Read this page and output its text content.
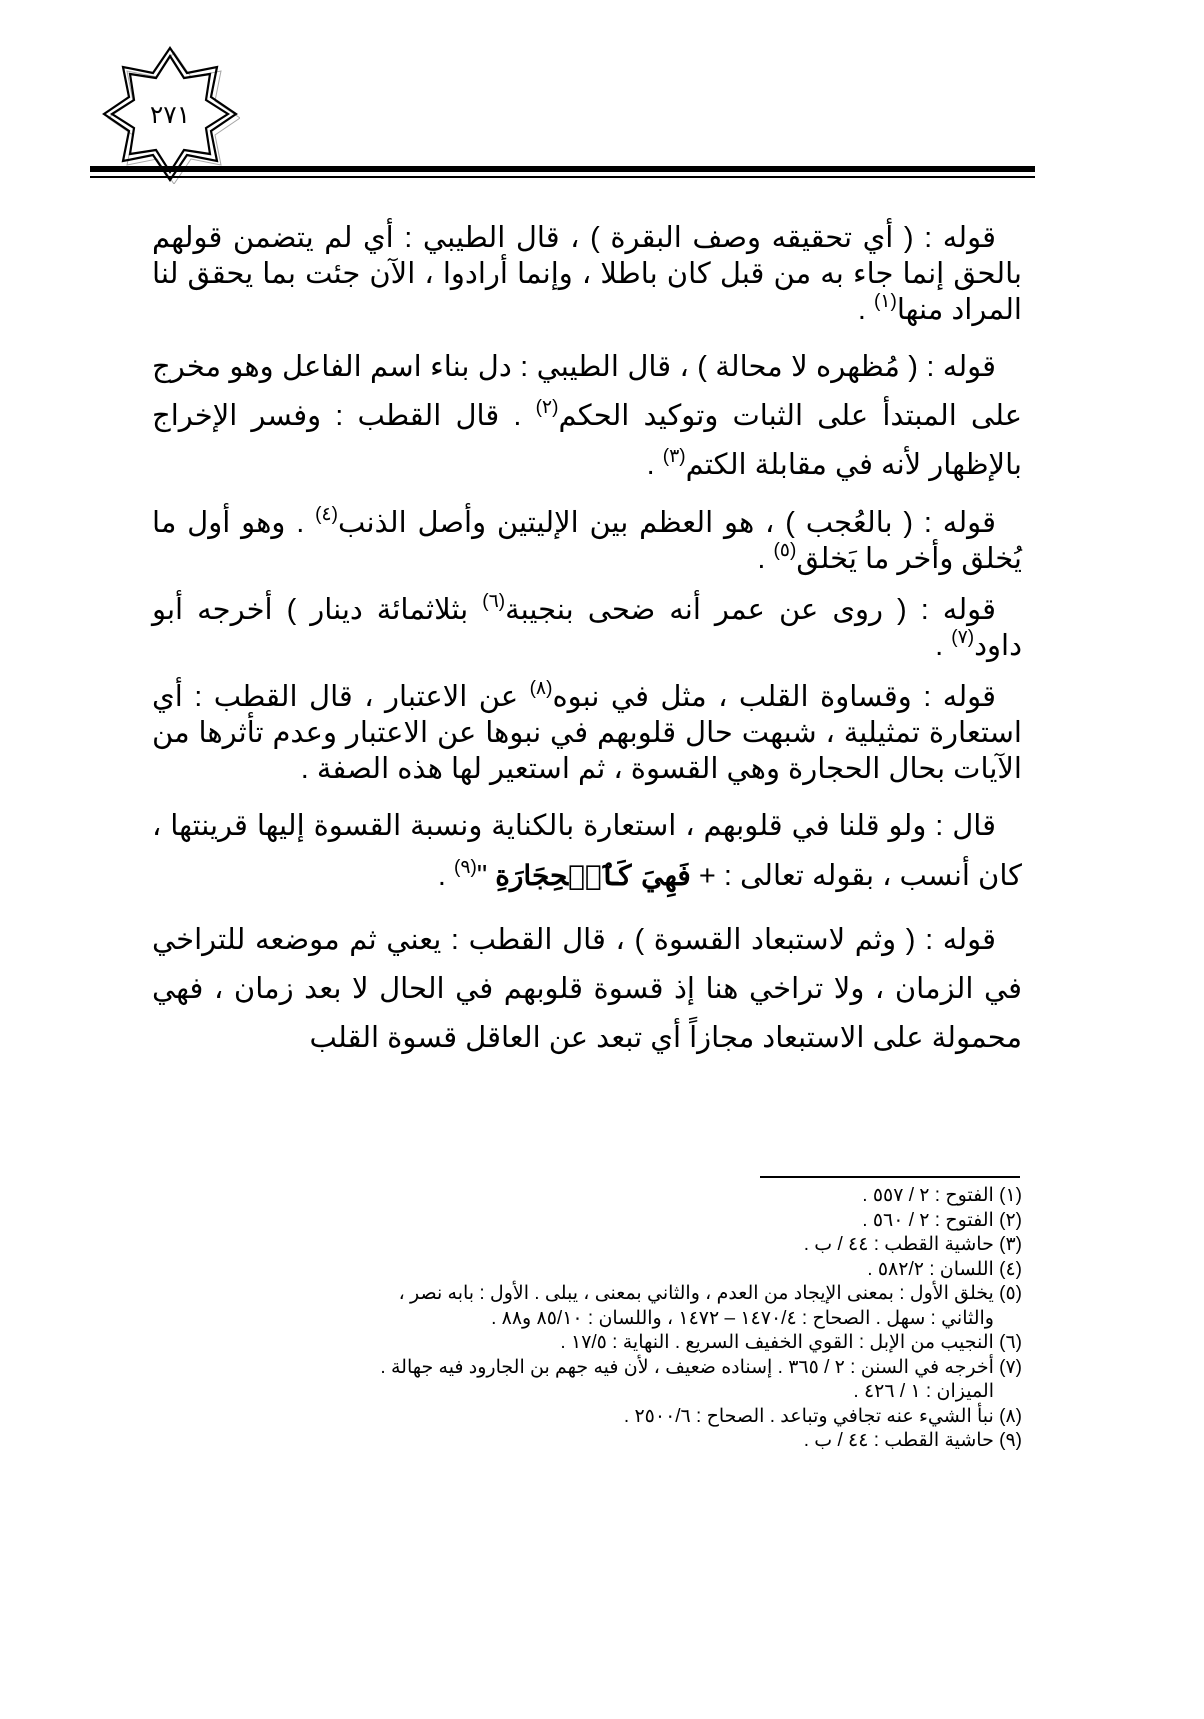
٢٧١

قوله : ( أي تحقيقه وصف البقرة ) ، قال الطيبي : أي لم يتضمن قولهم بالحق إنما جاء به من قبل كان باطلا ، وإنما أرادوا ، الآن جئت بما يحقق لنا المراد منها$^{(١)}$ .

قوله : ( مُظهره لا محالة ) ، قال الطيبي : دل بناء اسم الفاعل وهو مخرج على المبتدأ على الثبات وتوكيد الحكم$^{(٢)}$ . قال القطب : وفسر الإخراج بالإظهار لأنه في مقابلة الكتم$^{(٣)}$ .

قوله : ( بالعُجب ) ، هو العظم بين الإليتين وأصل الذنب$^{(٤)}$ . وهو أول ما يُخلق وأخر ما يَخلق$^{(٥)}$ .

قوله : ( روى عن عمر أنه ضحى بنجيبة$^{(٦)}$ بثلاثمائة دينار ) أخرجه أبو داود$^{(٧)}$ .

قوله : وقساوة القلب ، مثل في نبوه$^{(٨)}$ عن الاعتبار ، قال القطب : أي استعارة تمثيلية ، شبهت حال قلوبهم في نبوها عن الاعتبار وعدم تأثرها من الآيات بحال الحجارة وهي القسوة ، ثم استعير لها هذه الصفة .

قال : ولو قلنا في قلوبهم ، استعارة بالكناية ونسبة القسوة إليها قرينتها ، كان أنسب ، بقوله تعالى : + فَهِيَ كَٱلۡحِجَارَةِ "$^{(٩)}$ .

قوله : ( وثم لاستبعاد القسوة ) ، قال القطب : يعني ثم موضعه للتراخي في الزمان ، ولا تراخي هنا إذ قسوة قلوبهم في الحال لا بعد زمان ، فهي محمولة على الاستبعاد مجازاً أي تبعد عن العاقل قسوة القلب

(١) الفتوح : ٢ / ٥٥٧ .

(٢) الفتوح : ٢ / ٥٦٠ .

(٣) حاشية القطب : ٤٤ / ب .

(٤) اللسان : ٥٨٢/٢ .

(٥) يخلق الأول : بمعنى الإيجاد من العدم ، والثاني بمعنى ، يبلى . الأول : بابه نصر ،

والثاني : سهل . الصحاح : ١٤٧٠/٤ – ١٤٧٢ ، واللسان : ٨٥/١٠ و٨٨ .

(٦) النجيب من الإبل : القوي الخفيف السريع . النهاية : ١٧/٥ .

(٧) أخرجه في السنن : ٢ / ٣٦٥ . إسناده ضعيف ، لأن فيه جهم بن الجارود فيه جهالة .

الميزان : ١ / ٤٢٦ .

(٨) نبأ الشيء عنه تجافي وتباعد . الصحاح : ٢٥٠٠/٦ .

(٩) حاشية القطب : ٤٤ / ب .
